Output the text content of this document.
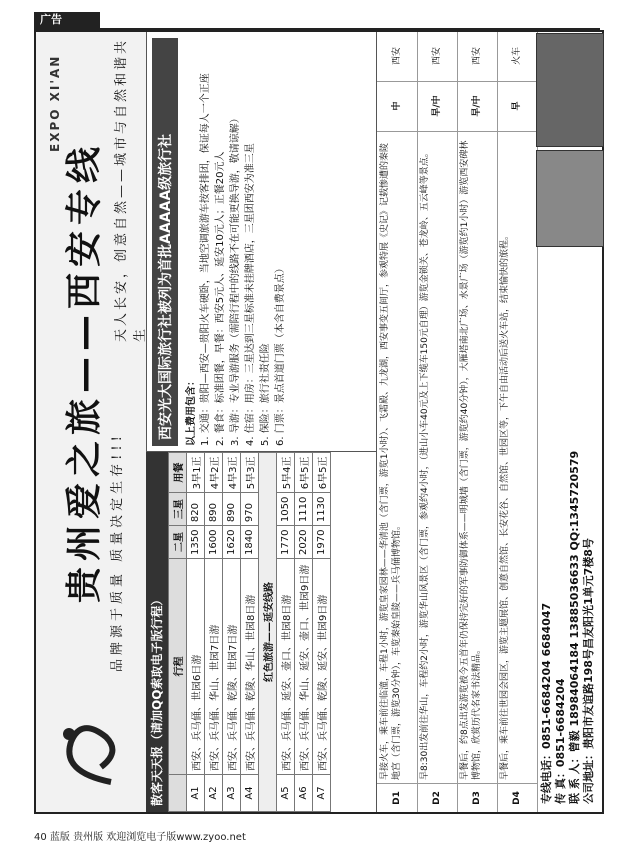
广告
贵州爱之旅——西安专线 品牌源于质量 质量决定生存!!!
天人长安，创意自然——城市与自然和谐共生
EXPO XI'AN
散客天天报（请加QQ索取电子版行程）
		行程	二星	三星	用餐
A1	西安、兵马俑、世园6日游	1350	820	3早1正
A2	西安、兵马俑、华山、世园7日游	1600	890	4早2正
A3	西安、兵马俑、乾陵、世园7日游	1620	890	4早3正
A4	西安、兵马俑、乾陵、华山、世园8日游	1840	970	5早3正
红色旅游——延安线路				
A5	西安、兵马俑、延安、壶口、世园8日游	1770	1050	5早4正
A6	西安、兵马俑、华山、延安、壶口、世园9日游	2020	1110	6早5正
A7	西安、兵马俑、乾陵、延安、世园9日游	1970	1130	6早5正
西安光大国际旅行社被列为首批AAAAA级旅行社	以上费用包含： 1. 交通：贵阳—西安—贵阳火车硬卧，当地空调旅游车按客排团，保证每人一个正座 2. 餐食：标准团餐，早餐：西安5元人、延安10元人；正餐20元人 3. 导游：专业导游服务（需陪行程中的线路不在可能更换导游，敬请谅解） 4. 住宿：用房：三星达到三星标准未挂牌酒店，三星团西安为准三星 5. 保险：旅行社责任险 6. 门票：景点首道门票（本含自费景点）

D1
早接火车，乘车前往临潼，车程1小时，游览皇家园林——华清池（含门票，游览1小时）、飞霜殿、九龙湖，西安事变五间厅，参观特展《史记》记载惨遭的秦陵地宫（含门票，游览30分钟），车览秦始皇陵——兵马俑博物馆。
中
西安
D2
早8:30出发前往华山，车程约2小时，游览华山风景区（含门票，参观约4小时，（进山小车40元及上下缆车150元自理）游览金锁关、苍龙岭、五云峰等景点。
早/中
西安
D3
早餐后，约8点出发游览被今五首年仍保持完好的军事防御体系——明城墙（含门票，游览约40分钟），大雁塔南北广场、水景广场（游览约1小时）游览西安碑林博物馆，欣赏历代名家书法精品。
早/中
西安
D4
早餐后，乘车前往世园会园区，游览主题展馆、创意自然馆、长安花谷、自然馆、世园区等，下午自由活动后送火车站，结束愉快的旅程。
早
火车
专线电话：0851-6684204 6684047 传 真：0851-6684204 联 系 人：曾毅 18984064184 13885036633 QQ:1345720579 公司地址：贵阳市友谊路198号昌友阳光1单元7楼8号
40 蓝版 贵州版 欢迎浏览电子版www.zyoo.net
